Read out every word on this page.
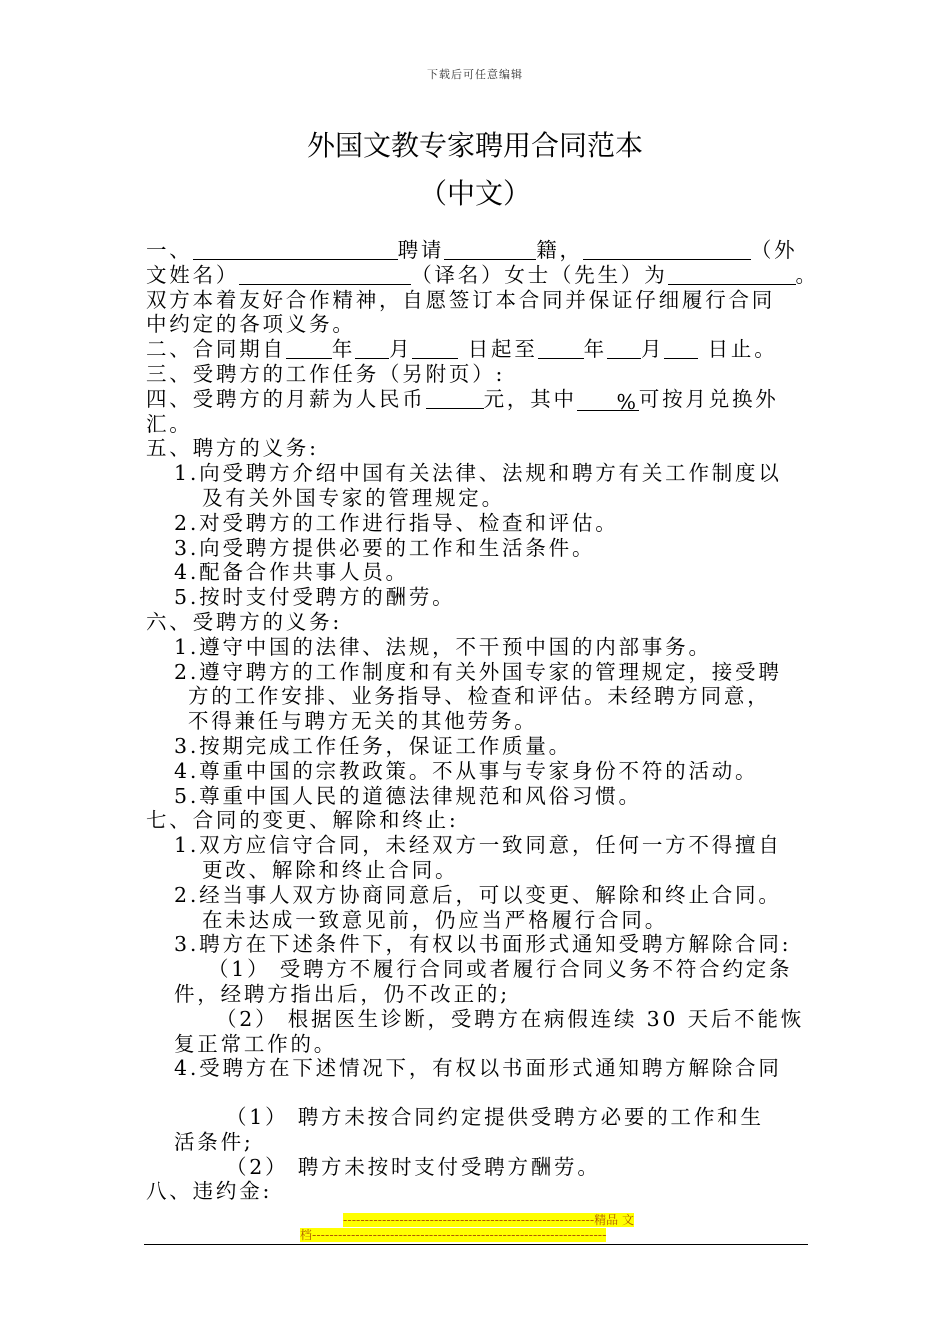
下载后可任意编辑
外国文教专家聘用合同范本
（中文）
一、	聘请	籍，	（外
文姓名）	（译名）女士（先生）为	。
双方本着友好合作精神，自愿签订本合同并保证仔细履行合同
中约定的各项义务。
二、合同期自 年 月 日起至 年 月 日止。
三、受聘方的工作任务（另附页）:
四、受聘方的月薪为人民币	元，其中 %可按月兑换外
汇。
五、聘方的义务:
1.向受聘方介绍中国有关法律、法规和聘方有关工作制度以
及有关外国专家的管理规定。
2.对受聘方的工作进行指导、检查和评估。
3.向受聘方提供必要的工作和生活条件。
4.配备合作共事人员。
5.按时支付受聘方的酬劳。
六、受聘方的义务:
1.遵守中国的法律、法规，不干预中国的内部事务。
2.遵守聘方的工作制度和有关外国专家的管理规定，接受聘
方的工作安排、业务指导、检查和评估。未经聘方同意，
不得兼任与聘方无关的其他劳务。
3.按期完成工作任务，保证工作质量。
4.尊重中国的宗教政策。不从事与专家身份不符的活动。
5.尊重中国人民的道德法律规范和风俗习惯。
七、合同的变更、解除和终止:
1.双方应信守合同，未经双方一致同意，任何一方不得擅自
更改、解除和终止合同。
2.经当事人双方协商同意后，可以变更、解除和终止合同。
在未达成一致意见前，仍应当严格履行合同。
3.聘方在下述条件下，有权以书面形式通知受聘方解除合同:
（1） 受聘方不履行合同或者履行合同义务不符合约定条
件，经聘方指出后，仍不改正的;
（2） 根据医生诊断，受聘方在病假连续 30 天后不能恢
复正常工作的。
4.受聘方在下述情况下，有权以书面形式通知聘方解除合同
（1） 聘方未按合同约定提供受聘方必要的工作和生
活条件;
（2） 聘方未按时支付受聘方酬劳。
八、违约金:
----------------------------------------------------------精品 文
档--------------------------------------------------------------------
